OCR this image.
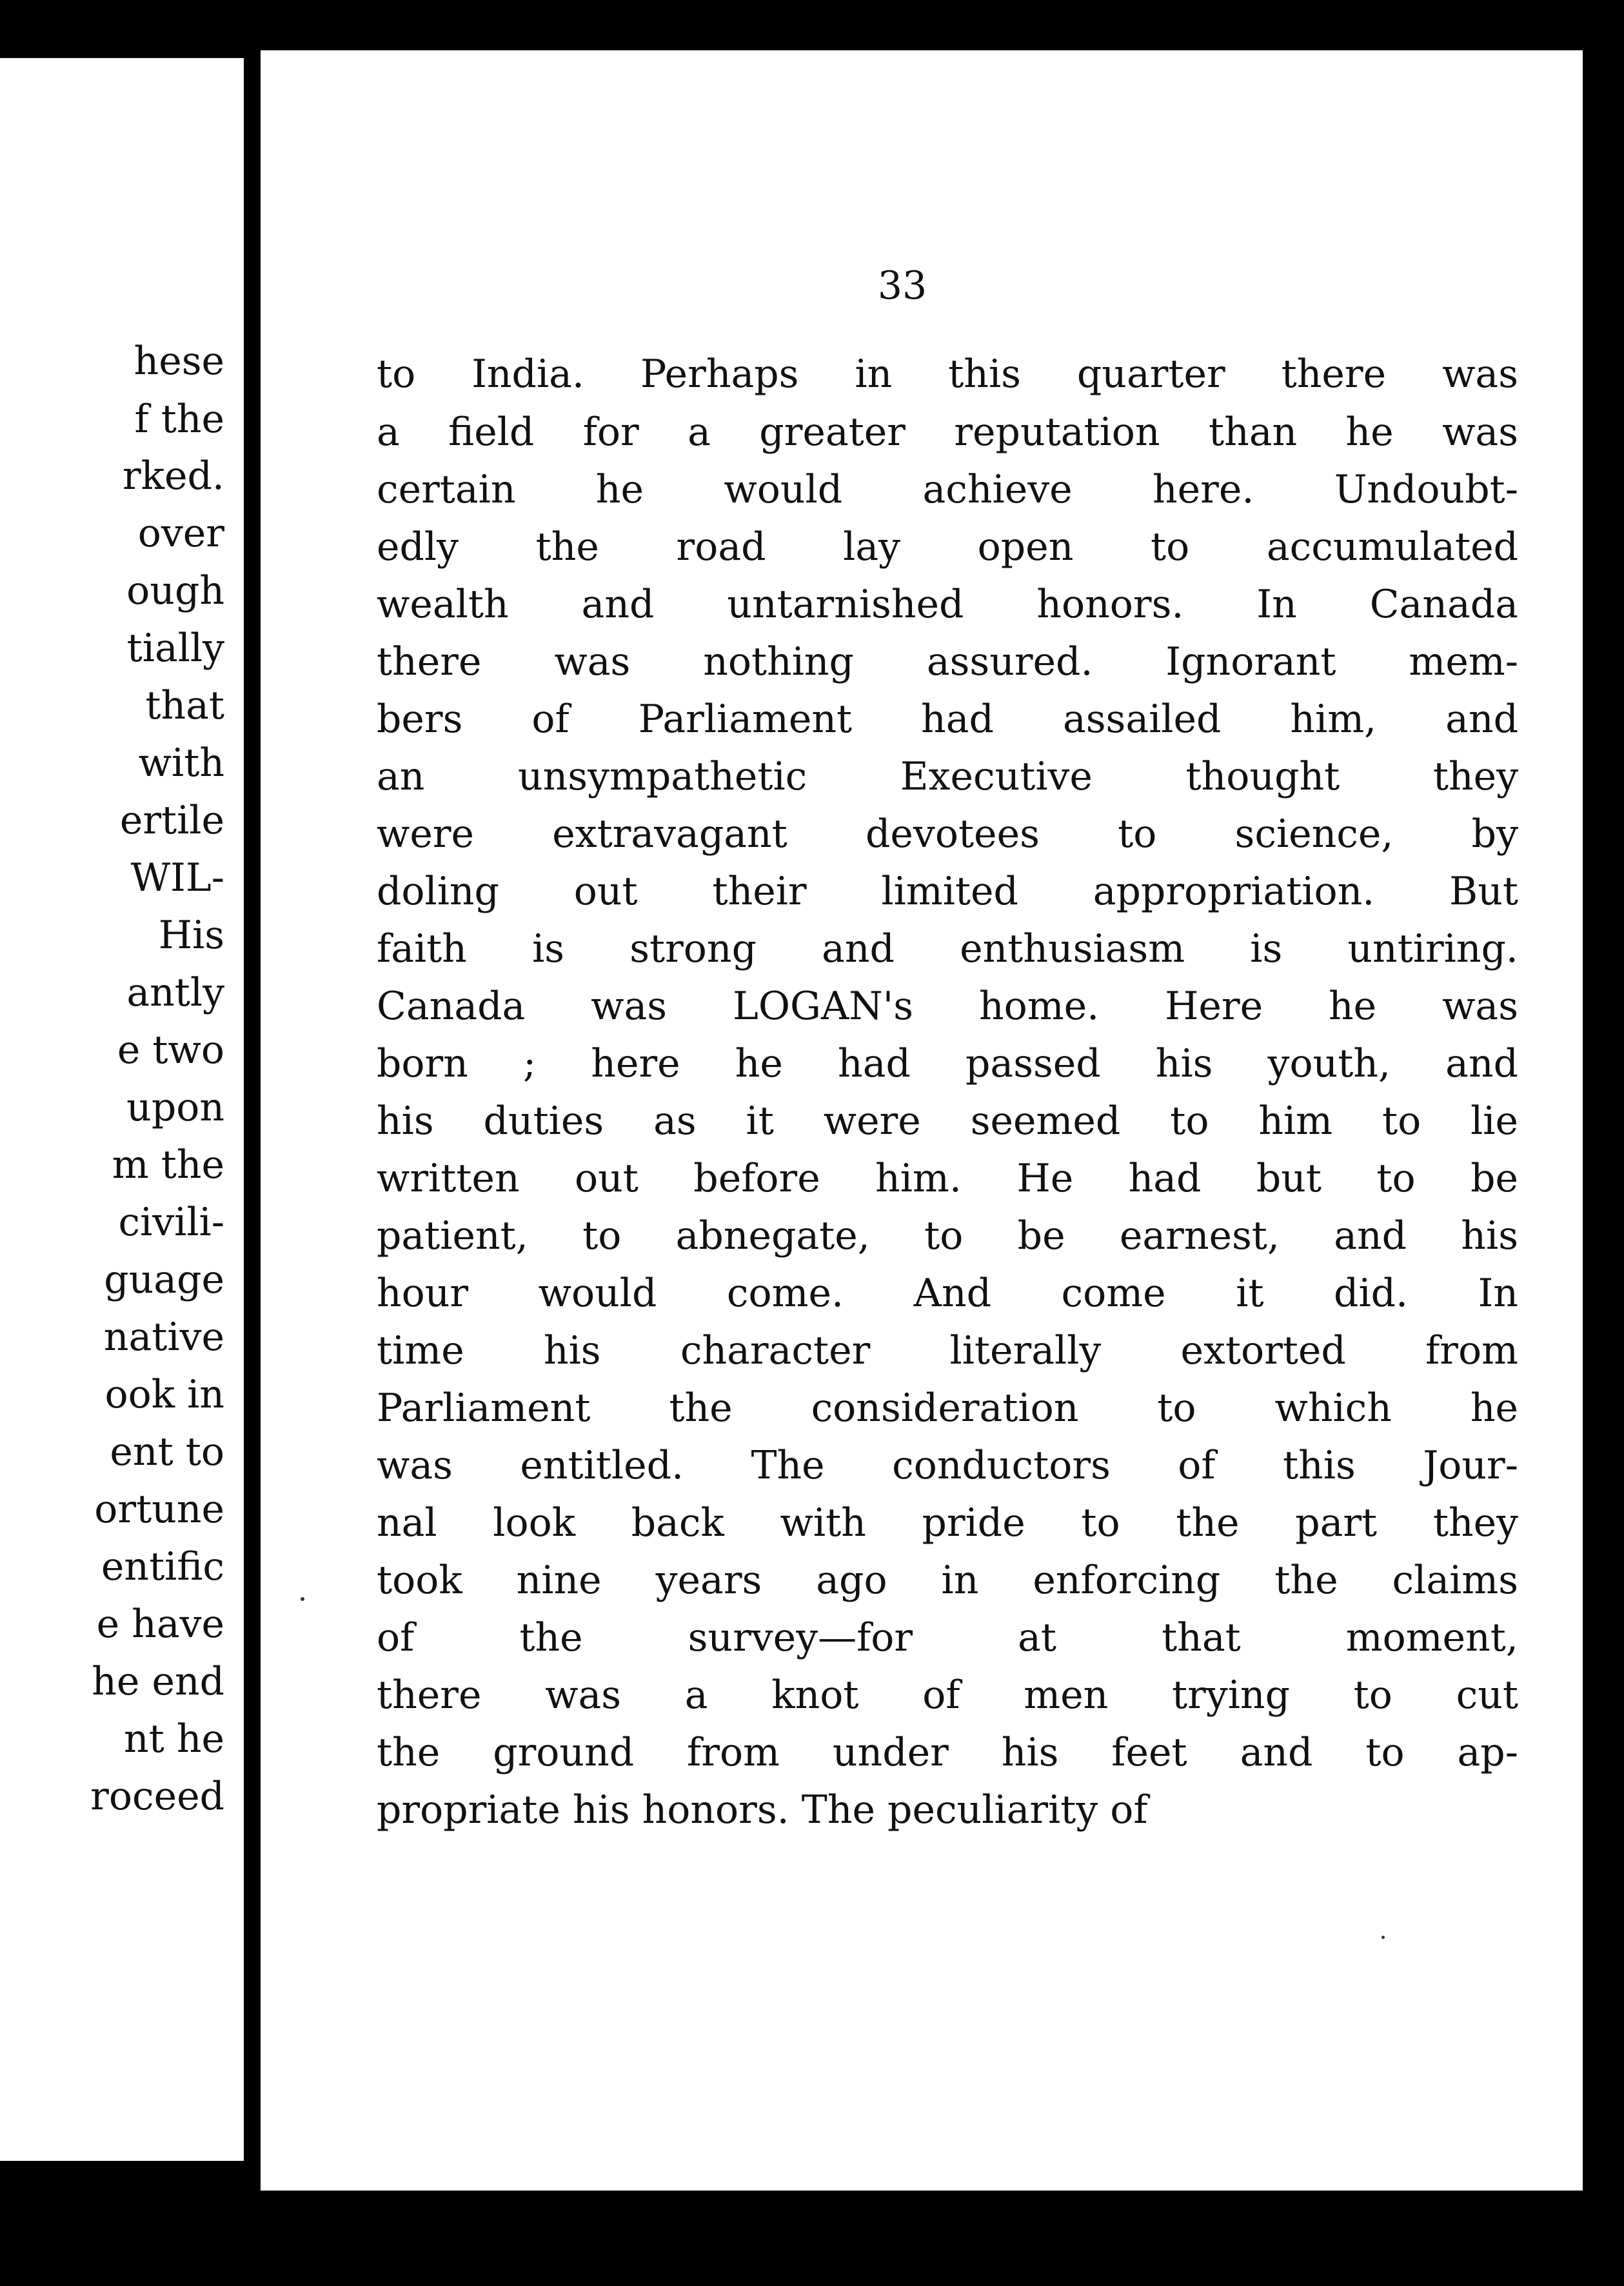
hese

f the

rked.

over

ough

tially

that

with

ertile

WIL-

His

antly

e two

upon

m the

civili-

guage

native

ook in

ent to

ortune

entific

e have

he end

nt he

roceed

33

to India. Perhaps in this quarter there was

a field for a greater reputation than he was

certain he would achieve here. Undoubt-

edly the road lay open to accumulated

wealth and untarnished honors. In Canada

there was nothing assured. Ignorant mem-

bers of Parliament had assailed him, and

an unsympathetic Executive thought they

were extravagant devotees to science, by

doling out their limited appropriation. But

faith is strong and enthusiasm is untiring.

Canada was LOGAN's home. Here he was

born ; here he had passed his youth, and

his duties as it were seemed to him to lie

written out before him. He had but to be

patient, to abnegate, to be earnest, and his

hour would come. And come it did. In

time his character literally extorted from

Parliament the consideration to which he

was entitled. The conductors of this Jour-

nal look back with pride to the part they

took nine years ago in enforcing the claims

of the survey—for at that moment,

there was a knot of men trying to cut

the ground from under his feet and to ap-

propriate his honors. The peculiarity of
